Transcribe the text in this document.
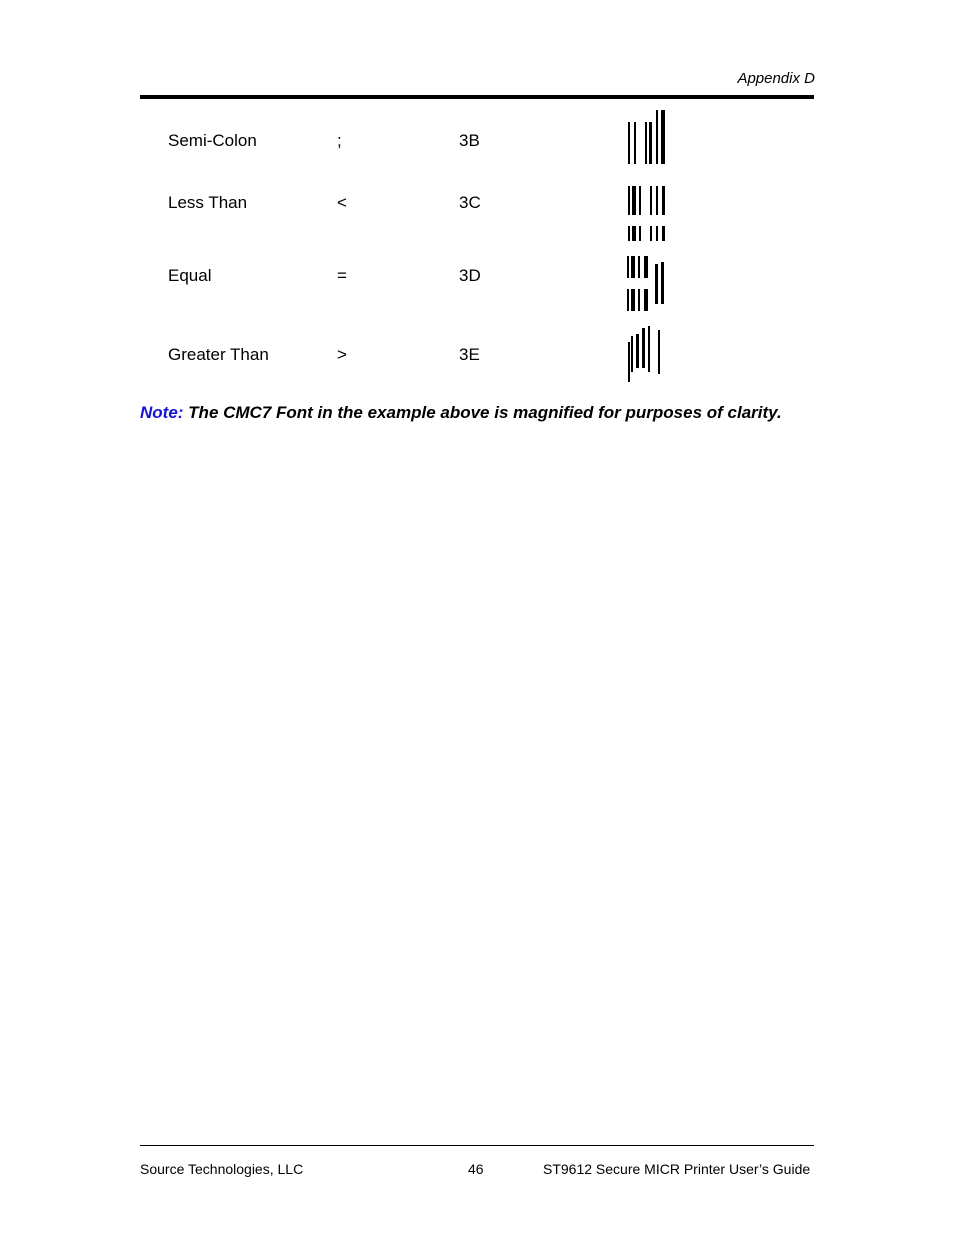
Appendix D
Semi-Colon	;	3B
Less Than	<	3C
Equal	=	3D
Greater Than	>	3E
Note: The CMC7 Font in the example above is magnified for purposes of clarity.
Source Technologies, LLC	46	ST9612 Secure MICR Printer User’s Guide
